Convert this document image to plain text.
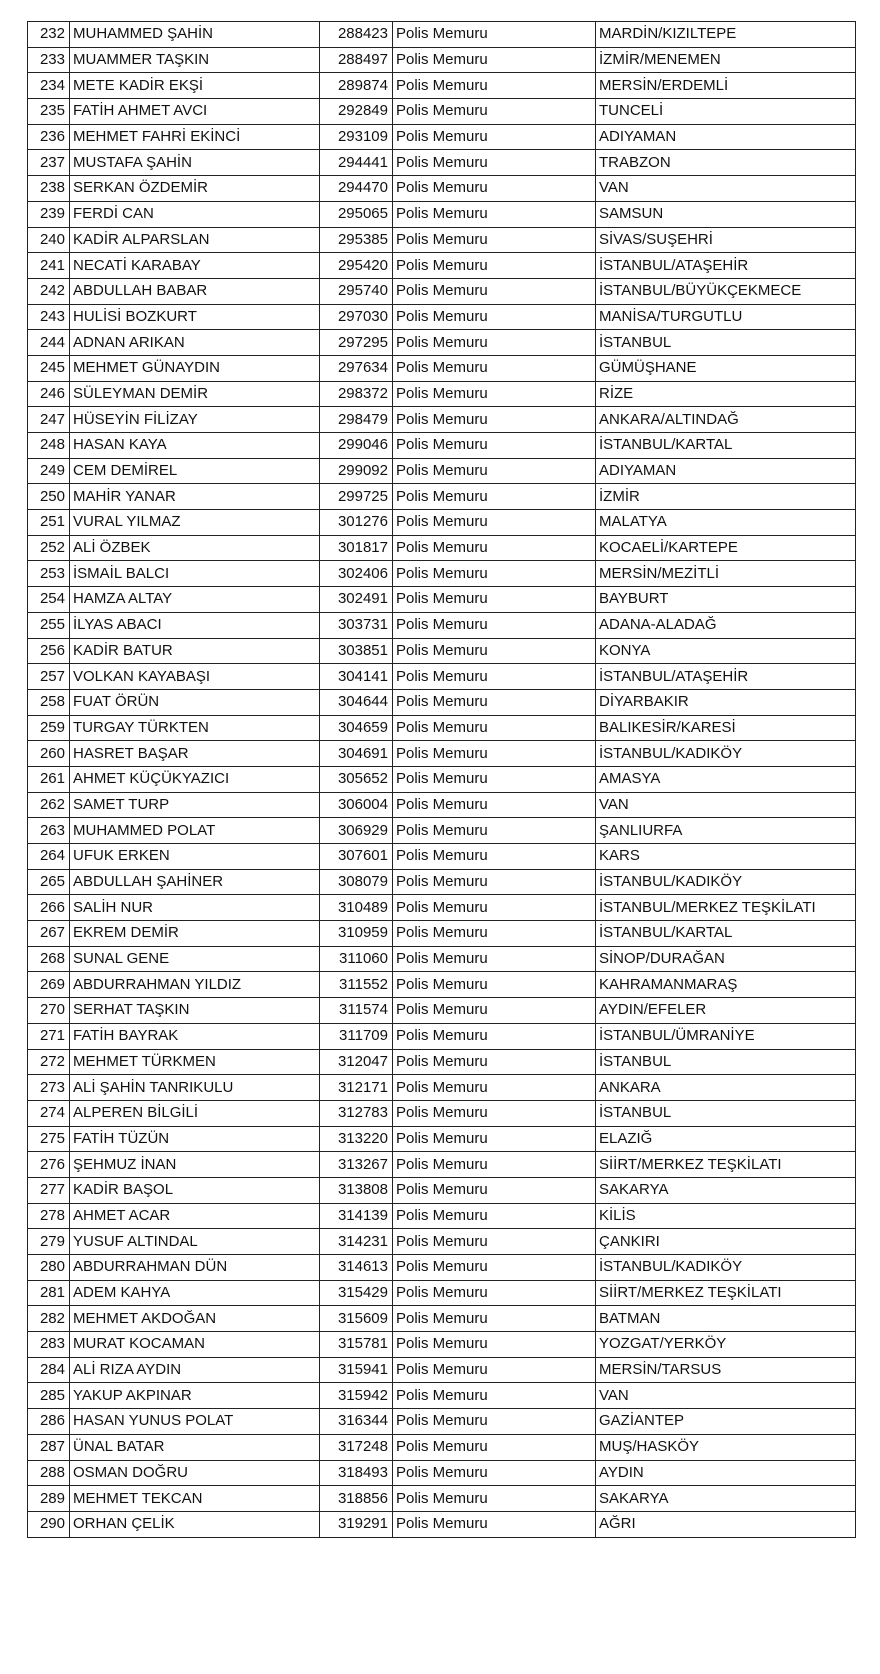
232	MUHAMMED ŞAHİN	288423	Polis Memuru	MARDİN/KIZILTEPE
233	MUAMMER TAŞKIN	288497	Polis Memuru	İZMİR/MENEMEN
234	METE KADİR EKŞİ	289874	Polis Memuru	MERSİN/ERDEMLİ
235	FATİH AHMET AVCI	292849	Polis Memuru	TUNCELİ
236	MEHMET FAHRİ EKİNCİ	293109	Polis Memuru	ADIYAMAN
237	MUSTAFA ŞAHİN	294441	Polis Memuru	TRABZON
238	SERKAN ÖZDEMİR	294470	Polis Memuru	VAN
239	FERDİ CAN	295065	Polis Memuru	SAMSUN
240	KADİR ALPARSLAN	295385	Polis Memuru	SİVAS/SUŞEHRİ
241	NECATİ KARABAY	295420	Polis Memuru	İSTANBUL/ATAŞEHİR
242	ABDULLAH BABAR	295740	Polis Memuru	İSTANBUL/BÜYÜKÇEKMECE
243	HULİSİ BOZKURT	297030	Polis Memuru	MANİSA/TURGUTLU
244	ADNAN ARIKAN	297295	Polis Memuru	İSTANBUL
245	MEHMET GÜNAYDIN	297634	Polis Memuru	GÜMÜŞHANE
246	SÜLEYMAN DEMİR	298372	Polis Memuru	RİZE
247	HÜSEYİN FİLİZAY	298479	Polis Memuru	ANKARA/ALTINDAĞ
248	HASAN KAYA	299046	Polis Memuru	İSTANBUL/KARTAL
249	CEM DEMİREL	299092	Polis Memuru	ADIYAMAN
250	MAHİR YANAR	299725	Polis Memuru	İZMİR
251	VURAL YILMAZ	301276	Polis Memuru	MALATYA
252	ALİ ÖZBEK	301817	Polis Memuru	KOCAELİ/KARTEPE
253	İSMAİL BALCI	302406	Polis Memuru	MERSİN/MEZİTLİ
254	HAMZA ALTAY	302491	Polis Memuru	BAYBURT
255	İLYAS ABACI	303731	Polis Memuru	ADANA-ALADAĞ
256	KADİR BATUR	303851	Polis Memuru	KONYA
257	VOLKAN KAYABAŞI	304141	Polis Memuru	İSTANBUL/ATAŞEHİR
258	FUAT ÖRÜN	304644	Polis Memuru	DİYARBAKIR
259	TURGAY TÜRKTEN	304659	Polis Memuru	BALIKESİR/KARESİ
260	HASRET BAŞAR	304691	Polis Memuru	İSTANBUL/KADIKÖY
261	AHMET KÜÇÜKYAZICI	305652	Polis Memuru	AMASYA
262	SAMET TURP	306004	Polis Memuru	VAN
263	MUHAMMED POLAT	306929	Polis Memuru	ŞANLIURFA
264	UFUK ERKEN	307601	Polis Memuru	KARS
265	ABDULLAH ŞAHİNER	308079	Polis Memuru	İSTANBUL/KADIKÖY
266	SALİH NUR	310489	Polis Memuru	İSTANBUL/MERKEZ TEŞKİLATI
267	EKREM DEMİR	310959	Polis Memuru	İSTANBUL/KARTAL
268	SUNAL GENE	311060	Polis Memuru	SİNOP/DURAĞAN
269	ABDURRAHMAN YILDIZ	311552	Polis Memuru	KAHRAMANMARAŞ
270	SERHAT TAŞKIN	311574	Polis Memuru	AYDIN/EFELER
271	FATİH BAYRAK	311709	Polis Memuru	İSTANBUL/ÜMRANİYE
272	MEHMET TÜRKMEN	312047	Polis Memuru	İSTANBUL
273	ALİ ŞAHİN TANRIKULU	312171	Polis Memuru	ANKARA
274	ALPEREN BİLGİLİ	312783	Polis Memuru	İSTANBUL
275	FATİH TÜZÜN	313220	Polis Memuru	ELAZIĞ
276	ŞEHMUZ İNAN	313267	Polis Memuru	SİİRT/MERKEZ TEŞKİLATI
277	KADİR BAŞOL	313808	Polis Memuru	SAKARYA
278	AHMET ACAR	314139	Polis Memuru	KİLİS
279	YUSUF ALTINDAL	314231	Polis Memuru	ÇANKIRI
280	ABDURRAHMAN DÜN	314613	Polis Memuru	İSTANBUL/KADIKÖY
281	ADEM KAHYA	315429	Polis Memuru	SİİRT/MERKEZ TEŞKİLATI
282	MEHMET AKDOĞAN	315609	Polis Memuru	BATMAN
283	MURAT KOCAMAN	315781	Polis Memuru	YOZGAT/YERKÖY
284	ALİ RIZA AYDIN	315941	Polis Memuru	MERSİN/TARSUS
285	YAKUP AKPINAR	315942	Polis Memuru	VAN
286	HASAN YUNUS POLAT	316344	Polis Memuru	GAZİANTEP
287	ÜNAL BATAR	317248	Polis Memuru	MUŞ/HASKÖY
288	OSMAN DOĞRU	318493	Polis Memuru	AYDIN
289	MEHMET TEKCAN	318856	Polis Memuru	SAKARYA
290	ORHAN ÇELİK	319291	Polis Memuru	AĞRI
